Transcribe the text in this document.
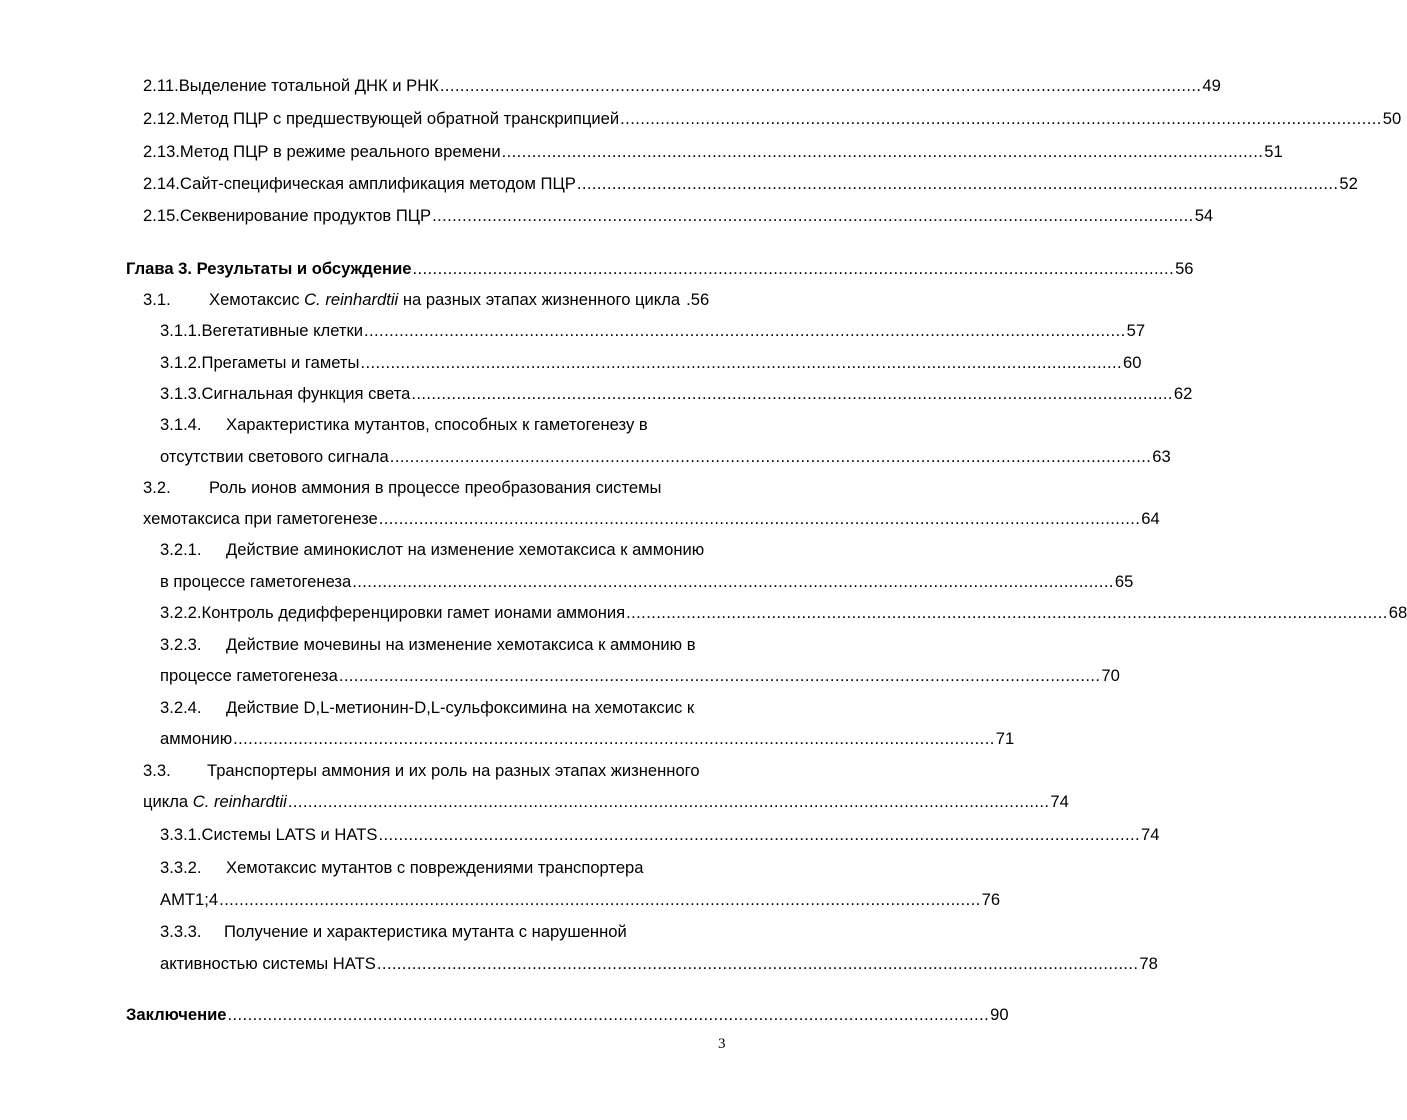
2.11. Выделение тотальной ДНК и РНК ........................................................................................................................................................ 49
2.12. Метод ПЦР с предшествующей обратной транскрипцией ........................................................................................................................................................ 50
2.13. Метод ПЦР в режиме реального времени ........................................................................................................................................................ 51
2.14. Сайт-специфическая амплификация методом ПЦР ........................................................................................................................................................ 52
2.15. Секвенирование продуктов ПЦР ........................................................................................................................................................ 54
Глава 3. Результаты и обсуждение ........................................................................................................................................................ 56
3.1.	Хемотаксис C. reinhardtii на разных этапах жизненного цикла .56
3.1.1. Вегетативные клетки ........................................................................................................................................................ 57
3.1.2. Прегаметы и гаметы ........................................................................................................................................................ 60
3.1.3. Сигнальная функция света ........................................................................................................................................................ 62
3.1.4.	Характеристика мутантов, способных к гаметогенезу в
отсутствии светового сигнала ........................................................................................................................................................ 63
3.2.	Роль ионов аммония в процессе преобразования системы
хемотаксиса при гаметогенезе ........................................................................................................................................................ 64
3.2.1.	Действие аминокислот на изменение хемотаксиса к аммонию
в процессе гаметогенеза ........................................................................................................................................................ 65
3.2.2. Контроль дедифференцировки гамет ионами аммония ........................................................................................................................................................ 68
3.2.3.	Действие мочевины на изменение хемотаксиса к аммонию в
процессе гаметогенеза ........................................................................................................................................................ 70
3.2.4.	Действие D,L-метионин-D,L-сульфоксимина на хемотаксис к
аммонию ........................................................................................................................................................ 71
3.3.	Транспортеры аммония и их роль на разных этапах жизненного
цикла C. reinhardtii ........................................................................................................................................................ 74
3.3.1. Системы LATS и HATS ........................................................................................................................................................ 74
3.3.2.	Хемотаксис мутантов с повреждениями транспортера
AMT1;4 ........................................................................................................................................................ 76
3.3.3.	Получение и характеристика мутанта с нарушенной
активностью системы HATS ........................................................................................................................................................ 78
Заключение ........................................................................................................................................................ 90
3
